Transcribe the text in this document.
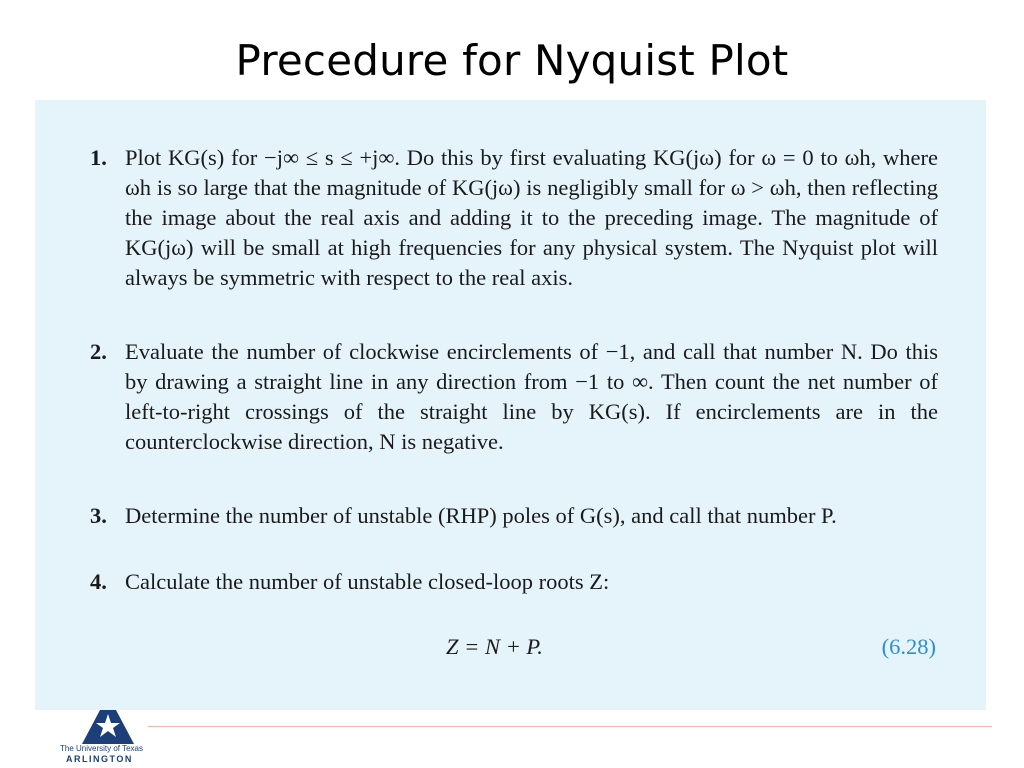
Precedure for Nyquist Plot
1. Plot KG(s) for −j∞ ≤ s ≤ +j∞. Do this by first evaluating KG(jω) for ω = 0 to ωh, where ωh is so large that the magnitude of KG(jω) is negligibly small for ω > ωh, then reflecting the image about the real axis and adding it to the preceding image. The magnitude of KG(jω) will be small at high frequencies for any physical system. The Nyquist plot will always be symmetric with respect to the real axis.
2. Evaluate the number of clockwise encirclements of −1, and call that number N. Do this by drawing a straight line in any direction from −1 to ∞. Then count the net number of left-to-right crossings of the straight line by KG(s). If encirclements are in the counterclockwise direction, N is negative.
3. Determine the number of unstable (RHP) poles of G(s), and call that number P.
4. Calculate the number of unstable closed-loop roots Z:
Z = N + P.	(6.28)
The University of Texas
ARLINGTON
